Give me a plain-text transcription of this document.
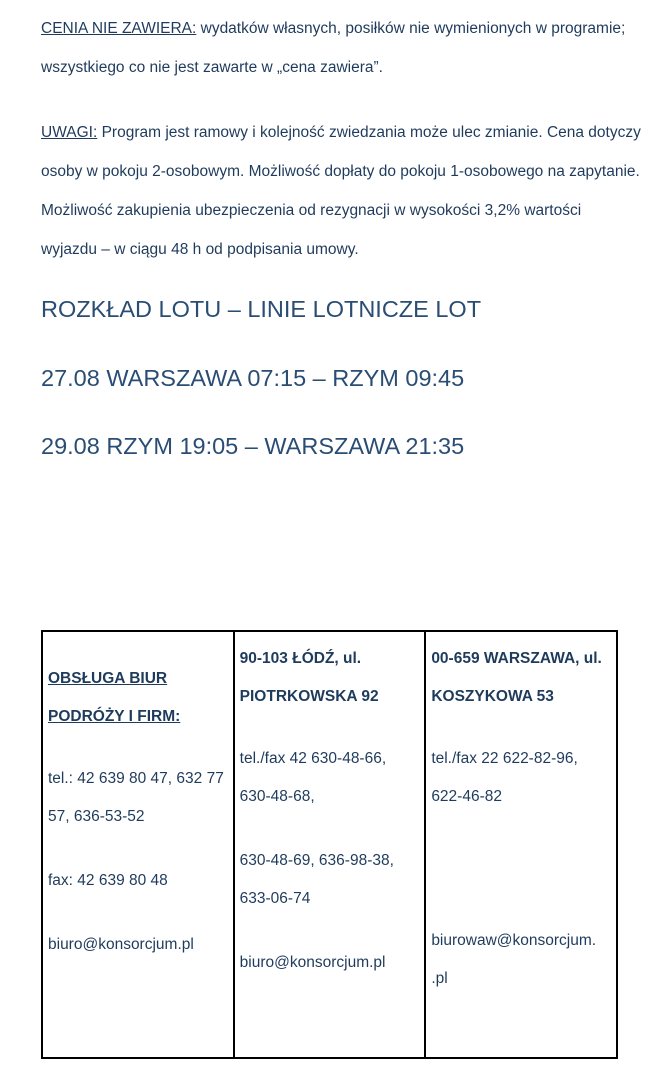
CENIA NIE ZAWIERA: wydatków własnych, posiłków nie wymienionych w programie; wszystkiego co nie jest zawarte w „cena zawiera”.
UWAGI: Program jest ramowy i kolejność zwiedzania może ulec zmianie. Cena dotyczy osoby w pokoju 2-osobowym. Możliwość dopłaty do pokoju 1-osobowego na zapytanie. Możliwość zakupienia ubezpieczenia od rezygnacji w wysokości 3,2% wartości wyjazdu – w ciągu 48 h od podpisania umowy.
ROZKŁAD LOTU – LINIE LOTNICZE LOT
27.08 WARSZAWA 07:15 – RZYM 09:45
29.08 RZYM 19:05 – WARSZAWA 21:35
OBSŁUGA BIUR PODRÓŻY I FIRM:
tel.: 42 639 80 47, 632 77 57, 636-53-52
fax: 42 639 80 48
biuro@konsorcjum.pl

90-103 ŁÓDŹ, ul. PIOTRKOWSKA 92
tel./fax 42 630-48-66, 630-48-68,
630-48-69, 636-98-38, 633-06-74
biuro@konsorcjum.pl

00-659 WARSZAWA, ul. KOSZYKOWA 53
tel./fax 22 622-82-96, 622-46-82
biurowaw@konsorcjum.
.pl
